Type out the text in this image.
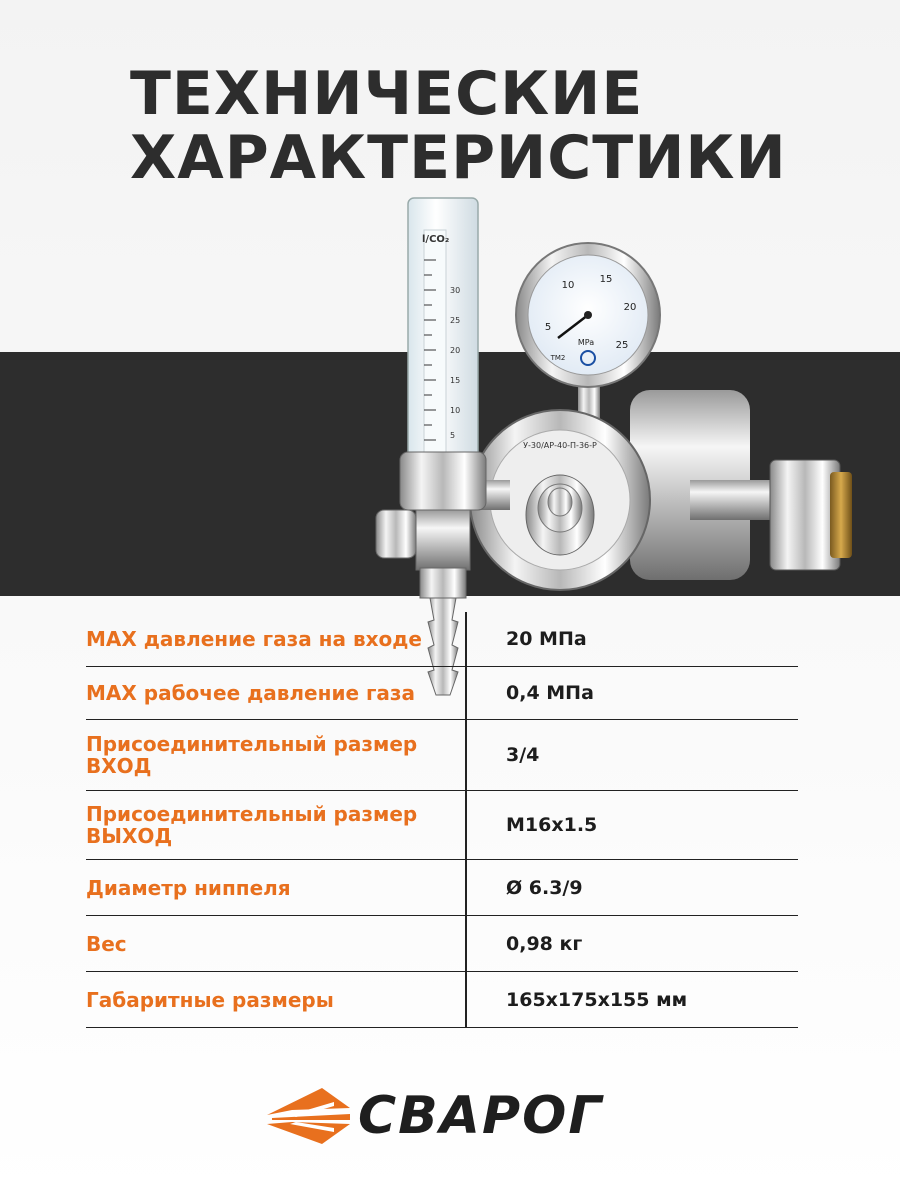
ТЕХНИЧЕСКИЕ
ХАРАКТЕРИСТИКИ
5
10
15
20
25
MPa
ТМ2
У-30/АР-40-П-36-Р
30
25
20
15
10
5
l/CO₂
MAX давление газа на входе	20 МПа
MAX рабочее давление газа	0,4 МПа
Присоединительный размер ВХОД	3/4
Присоединительный размер ВЫХОД	M16x1.5
Диаметр ниппеля	Ø 6.3/9
Вес	0,98 кг
Габаритные размеры	165x175x155 мм
СВАРОГ
